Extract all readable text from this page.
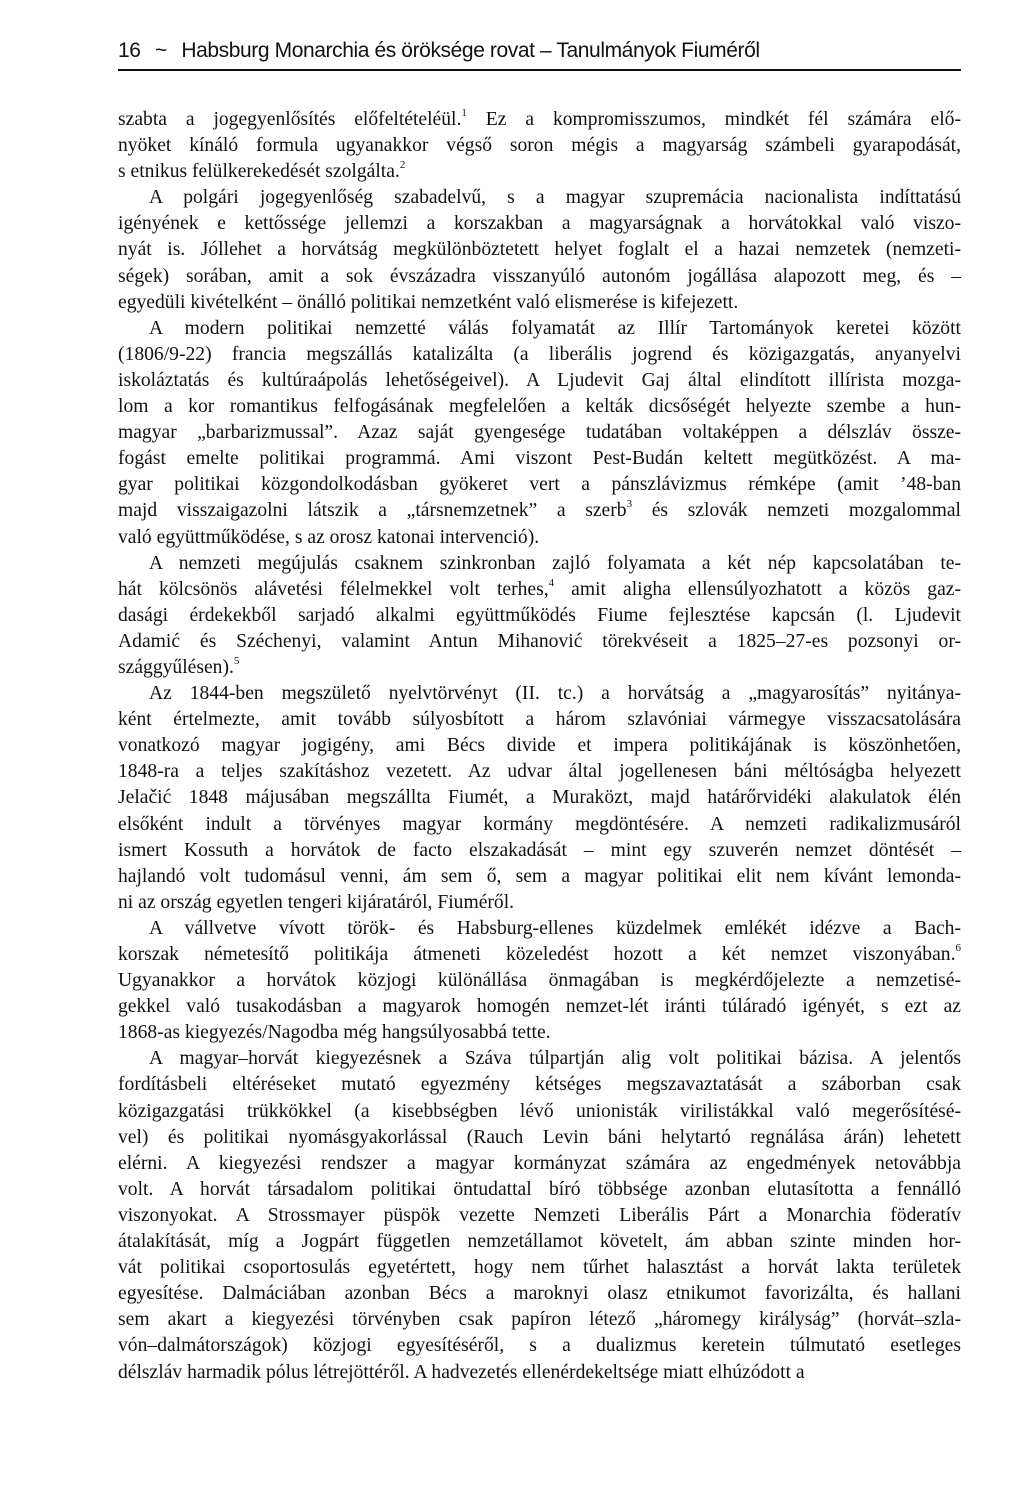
16 ~ Habsburg Monarchia és öröksége rovat – Tanulmányok Fiuméről

szabta a jogegyenlősítés előfeltételéül.$^1$ Ez a kompromisszumos, mindkét fél számára elő-
nyöket kínáló formula ugyanakkor végső soron mégis a magyarság számbeli gyarapodását,
s etnikus felülkerekedését szolgálta.$^2$

A polgári jogegyenlőség szabadelvű, s a magyar szupremácia nacionalista indíttatású
igényének e kettőssége jellemzi a korszakban a magyarságnak a horvátokkal való viszo-
nyát is. Jóllehet a horvátság megkülönböztetett helyet foglalt el a hazai nemzetek (nemzeti-
ségek) sorában, amit a sok évszázadra visszanyúló autonóm jogállása alapozott meg, és –
egyedüli kivételként – önálló politikai nemzetként való elismerése is kifejezett.

A modern politikai nemzetté válás folyamatát az Illír Tartományok keretei között
(1806/9-22) francia megszállás katalizálta (a liberális jogrend és közigazgatás, anyanyelvi
iskoláztatás és kultúraápolás lehetőségeivel). A Ljudevit Gaj által elindított illírista mozga-
lom a kor romantikus felfogásának megfelelően a kelták dicsőségét helyezte szembe a hun-
magyar „barbarizmussal”. Azaz saját gyengesége tudatában voltaképpen a délszláv össze-
fogást emelte politikai programmá. Ami viszont Pest-Budán keltett megütközést. A ma-
gyar politikai közgondolkodásban gyökeret vert a pánszlávizmus rémképe (amit ’48-ban
majd visszaigazolni látszik a „társnemzetnek” a szerb$^3$ és szlovák nemzeti mozgalommal
való együttműködése, s az orosz katonai intervenció).

A nemzeti megújulás csaknem szinkronban zajló folyamata a két nép kapcsolatában te-
hát kölcsönös alávetési félelmekkel volt terhes,$^4$ amit aligha ellensúlyozhatott a közös gaz-
dasági érdekekből sarjadó alkalmi együttműködés Fiume fejlesztése kapcsán (l. Ljudevit
Adamić és Széchenyi, valamint Antun Mihanović törekvéseit a 1825–27-es pozsonyi or-
szággyűlésen).$^5$

Az 1844-ben megszülető nyelvtörvényt (II. tc.) a horvátság a „magyarosítás” nyitánya-
ként értelmezte, amit tovább súlyosbított a három szlavóniai vármegye visszacsatolására
vonatkozó magyar jogigény, ami Bécs divide et impera politikájának is köszönhetően,
1848-ra a teljes szakításhoz vezetett. Az udvar által jogellenesen báni méltóságba helyezett
Jelačić 1848 májusában megszállta Fiumét, a Muraközt, majd határőrvidéki alakulatok élén
elsőként indult a törvényes magyar kormány megdöntésére. A nemzeti radikalizmusáról
ismert Kossuth a horvátok de facto elszakadását – mint egy szuverén nemzet döntését –
hajlandó volt tudomásul venni, ám sem ő, sem a magyar politikai elit nem kívánt lemonda-
ni az ország egyetlen tengeri kijáratáról, Fiuméről.

A vállvetve vívott török- és Habsburg-ellenes küzdelmek emlékét idézve a Bach-
korszak németesítő politikája átmeneti közeledést hozott a két nemzet viszonyában.$^6$
Ugyanakkor a horvátok közjogi különállása önmagában is megkérdőjelezte a nemzetisé-
gekkel való tusakodásban a magyarok homogén nemzet-lét iránti túláradó igényét, s ezt az
1868-as kiegyezés/Nagodba még hangsúlyosabbá tette.

A magyar–horvát kiegyezésnek a Száva túlpartján alig volt politikai bázisa. A jelentős
fordításbeli eltéréseket mutató egyezmény kétséges megszavaztatását a száborban csak
közigazgatási trükkökkel (a kisebbségben lévő unionisták virilistákkal való megerősítésé-
vel) és politikai nyomásgyakorlással (Rauch Levin báni helytartó regnálása árán) lehetett
elérni. A kiegyezési rendszer a magyar kormányzat számára az engedmények netovábbja
volt. A horvát társadalom politikai öntudattal bíró többsége azonban elutasította a fennálló
viszonyokat. A Strossmayer püspök vezette Nemzeti Liberális Párt a Monarchia föderatív
átalakítását, míg a Jogpárt független nemzetállamot követelt, ám abban szinte minden hor-
vát politikai csoportosulás egyetértett, hogy nem tűrhet halasztást a horvát lakta területek
egyesítése. Dalmáciában azonban Bécs a maroknyi olasz etnikumot favorizálta, és hallani
sem akart a kiegyezési törvényben csak papíron létező „háromegy királyság” (horvát–szla-
vón–dalmátországok) közjogi egyesítéséről, s a dualizmus keretein túlmutató esetleges
délszláv harmadik pólus létrejöttéről. A hadvezetés ellenérdekeltsége miatt elhúzódott a
